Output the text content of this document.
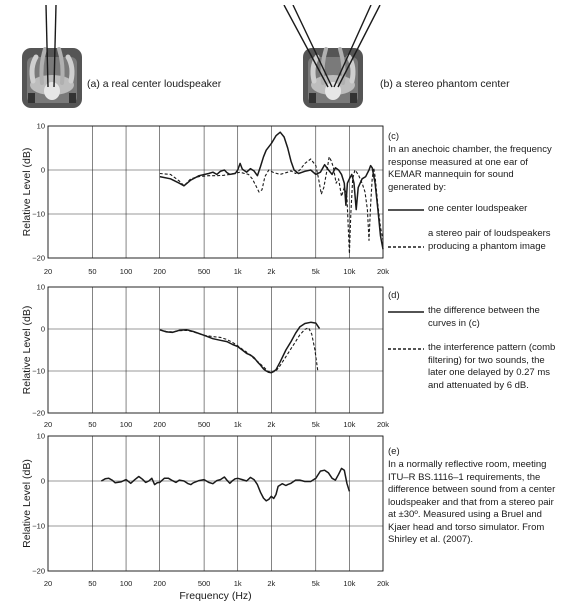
(a) a real center loudspeaker	(b) a stereo phantom center
20	50	100	200	500	1k	2k	5k	10k	20k
10
0
−10
−20
Relative Level (dB)
20	50	100	200	500	1k	2k	5k	10k	20k
10
0
−10
−20
Relative Level (dB)
20	50	100	200	500	1k	2k	5k	10k	20k
10
0
−10
−20
Relative Level (dB)
Frequency (Hz)
(c)
In an anechoic chamber, the frequency response measured at one ear of KEMAR mannequin for sound generated by:
one center loudspeaker
a stereo pair of loudspeakers producing a phantom image
(d)
the difference between the curves in (c)
the interference pattern (comb filtering) for two sounds, the later one delayed by 0.27 ms and attenuated by 6 dB.
(e)
In a normally reflective room, meeting ITU–R BS.1116–1 requirements, the difference between sound from a center loudspeaker and that from a stereo pair at ±30º. Measured using a Bruel and Kjaer head and torso simulator. From Shirley et al. (2007).
